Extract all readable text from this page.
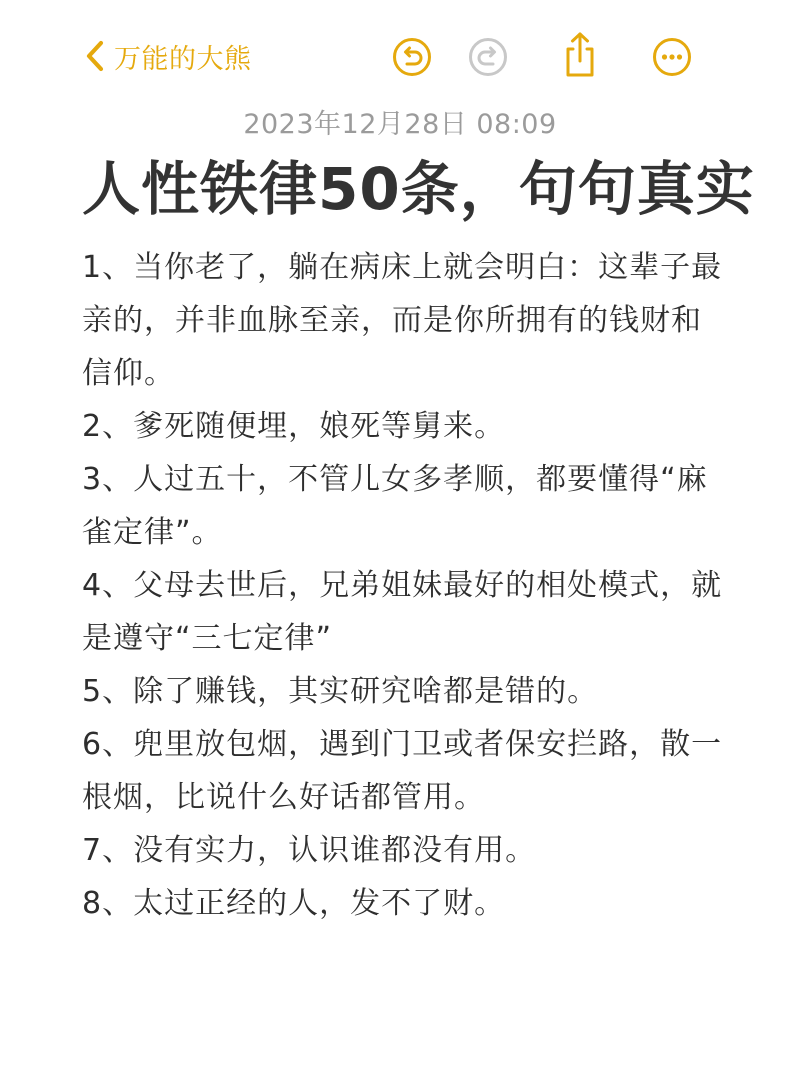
万能的大熊
2023年12月28日 08:09
人性铁律50条，句句真实

1、当你老了，躺在病床上就会明白：这辈子最亲的，并非血脉至亲，而是你所拥有的钱财和信仰。

2、爹死随便埋，娘死等舅来。

3、人过五十，不管儿女多孝顺，都要懂得“麻雀定律”。

4、父母去世后，兄弟姐妹最好的相处模式，就是遵守“三七定律”

5、除了赚钱，其实研究啥都是错的。

6、兜里放包烟，遇到门卫或者保安拦路，散一根烟，比说什么好话都管用。

7、没有实力，认识谁都没有用。

8、太过正经的人，发不了财。
